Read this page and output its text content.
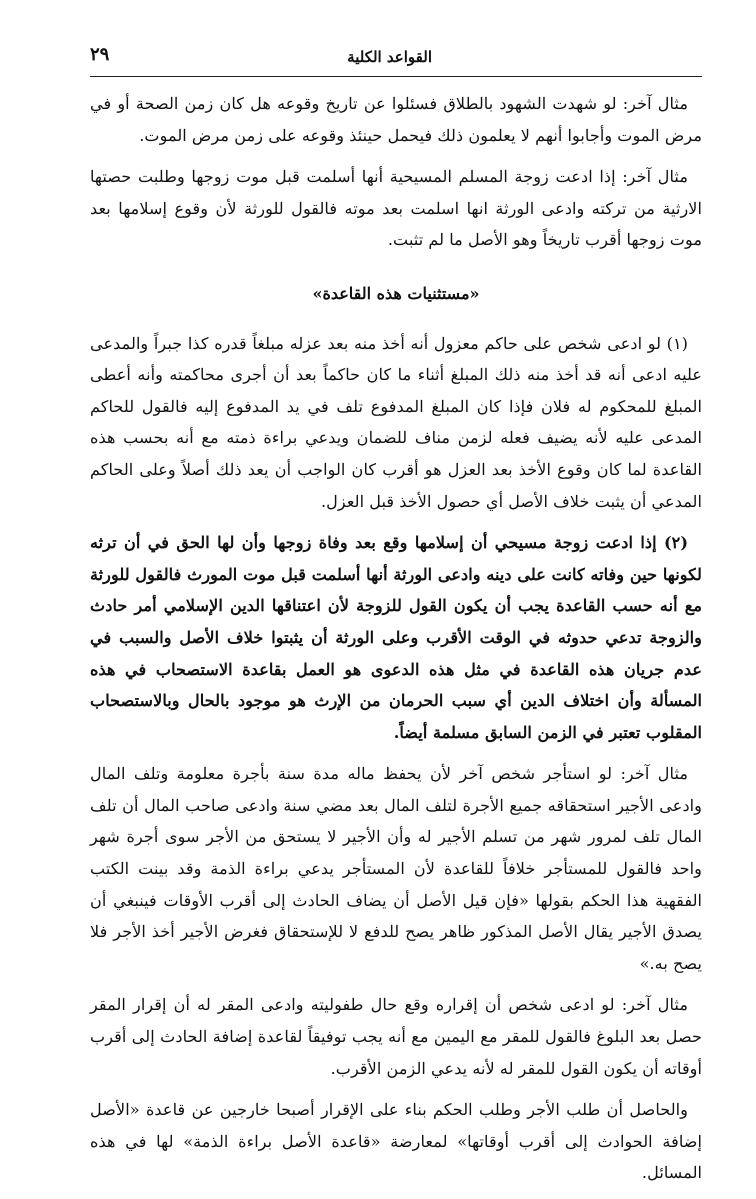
٢٩	القواعد الكلية

مثال آخر: لو شهدت الشهود بالطلاق فسئلوا عن تاريخ وقوعه هل كان زمن الصحة أو في مرض الموت وأجابوا أنهم لا يعلمون ذلك فيحمل حينئذ وقوعه على زمن مرض الموت.

مثال آخر: إذا ادعت زوجة المسلم المسيحية أنها أسلمت قبل موت زوجها وطلبت حصتها الارثية من تركته وادعى الورثة انها اسلمت بعد موته فالقول للورثة لأن وقوع إسلامها بعد موت زوجها أقرب تاريخاً وهو الأصل ما لم تثبت.

«مستثنيات هذه القاعدة»

(١) لو ادعى شخص على حاكم معزول أنه أخذ منه بعد عزله مبلغاً قدره كذا جبراً والمدعى عليه ادعى أنه قد أخذ منه ذلك المبلغ أثناء ما كان حاكماً بعد أن أجرى محاكمته وأنه أعطى المبلغ للمحكوم له فلان فإذا كان المبلغ المدفوع تلف في يد المدفوع إليه فالقول للحاكم المدعى عليه لأنه يضيف فعله لزمن مناف للضمان ويدعي براءة ذمته مع أنه بحسب هذه القاعدة لما كان وقوع الأخذ بعد العزل هو أقرب كان الواجب أن يعد ذلك أصلاً وعلى الحاكم المدعي أن يثبت خلاف الأصل أي حصول الأخذ قبل العزل.

(٢) إذا ادعت زوجة مسيحي أن إسلامها وقع بعد وفاة زوجها وأن لها الحق في أن ترثه لكونها حين وفاته كانت على دينه وادعى الورثة أنها أسلمت قبل موت المورث فالقول للورثة مع أنه حسب القاعدة يجب أن يكون القول للزوجة لأن اعتناقها الدين الإسلامي أمر حادث والزوجة تدعي حدوثه في الوقت الأقرب وعلى الورثة أن يثبتوا خلاف الأصل والسبب في عدم جريان هذه القاعدة في مثل هذه الدعوى هو العمل بقاعدة الاستصحاب في هذه المسألة وأن اختلاف الدين أي سبب الحرمان من الإرث هو موجود بالحال وبالاستصحاب المقلوب تعتبر في الزمن السابق مسلمة أيضاً.

مثال آخر: لو استأجر شخص آخر لأن يحفظ ماله مدة سنة بأجرة معلومة وتلف المال وادعى الأجير استحقاقه جميع الأجرة لتلف المال بعد مضي سنة وادعى صاحب المال أن تلف المال تلف لمرور شهر من تسلم الأجير له وأن الأجير لا يستحق من الأجر سوى أجرة شهر واحد فالقول للمستأجر خلافاً للقاعدة لأن المستأجر يدعي براءة الذمة وقد بينت الكتب الفقهية هذا الحكم بقولها «فإن قيل الأصل أن يضاف الحادث إلى أقرب الأوقات فينبغي أن يصدق الأجير يقال الأصل المذكور ظاهر يصح للدفع لا للإستحقاق فغرض الأجير أخذ الأجر فلا يصح به.»

مثال آخر: لو ادعى شخص أن إقراره وقع حال طفوليته وادعى المقر له أن إقرار المقر حصل بعد البلوغ فالقول للمقر مع اليمين مع أنه يجب توفيقاً لقاعدة إضافة الحادث إلى أقرب أوقاته أن يكون القول للمقر له لأنه يدعي الزمن الأقرب.

والحاصل أن طلب الأجر وطلب الحكم بناء على الإقرار أصبحا خارجين عن قاعدة «الأصل إضافة الحوادث إلى أقرب أوقاتها» لمعارضة «قاعدة الأصل براءة الذمة» لها في هذه المسائل.
